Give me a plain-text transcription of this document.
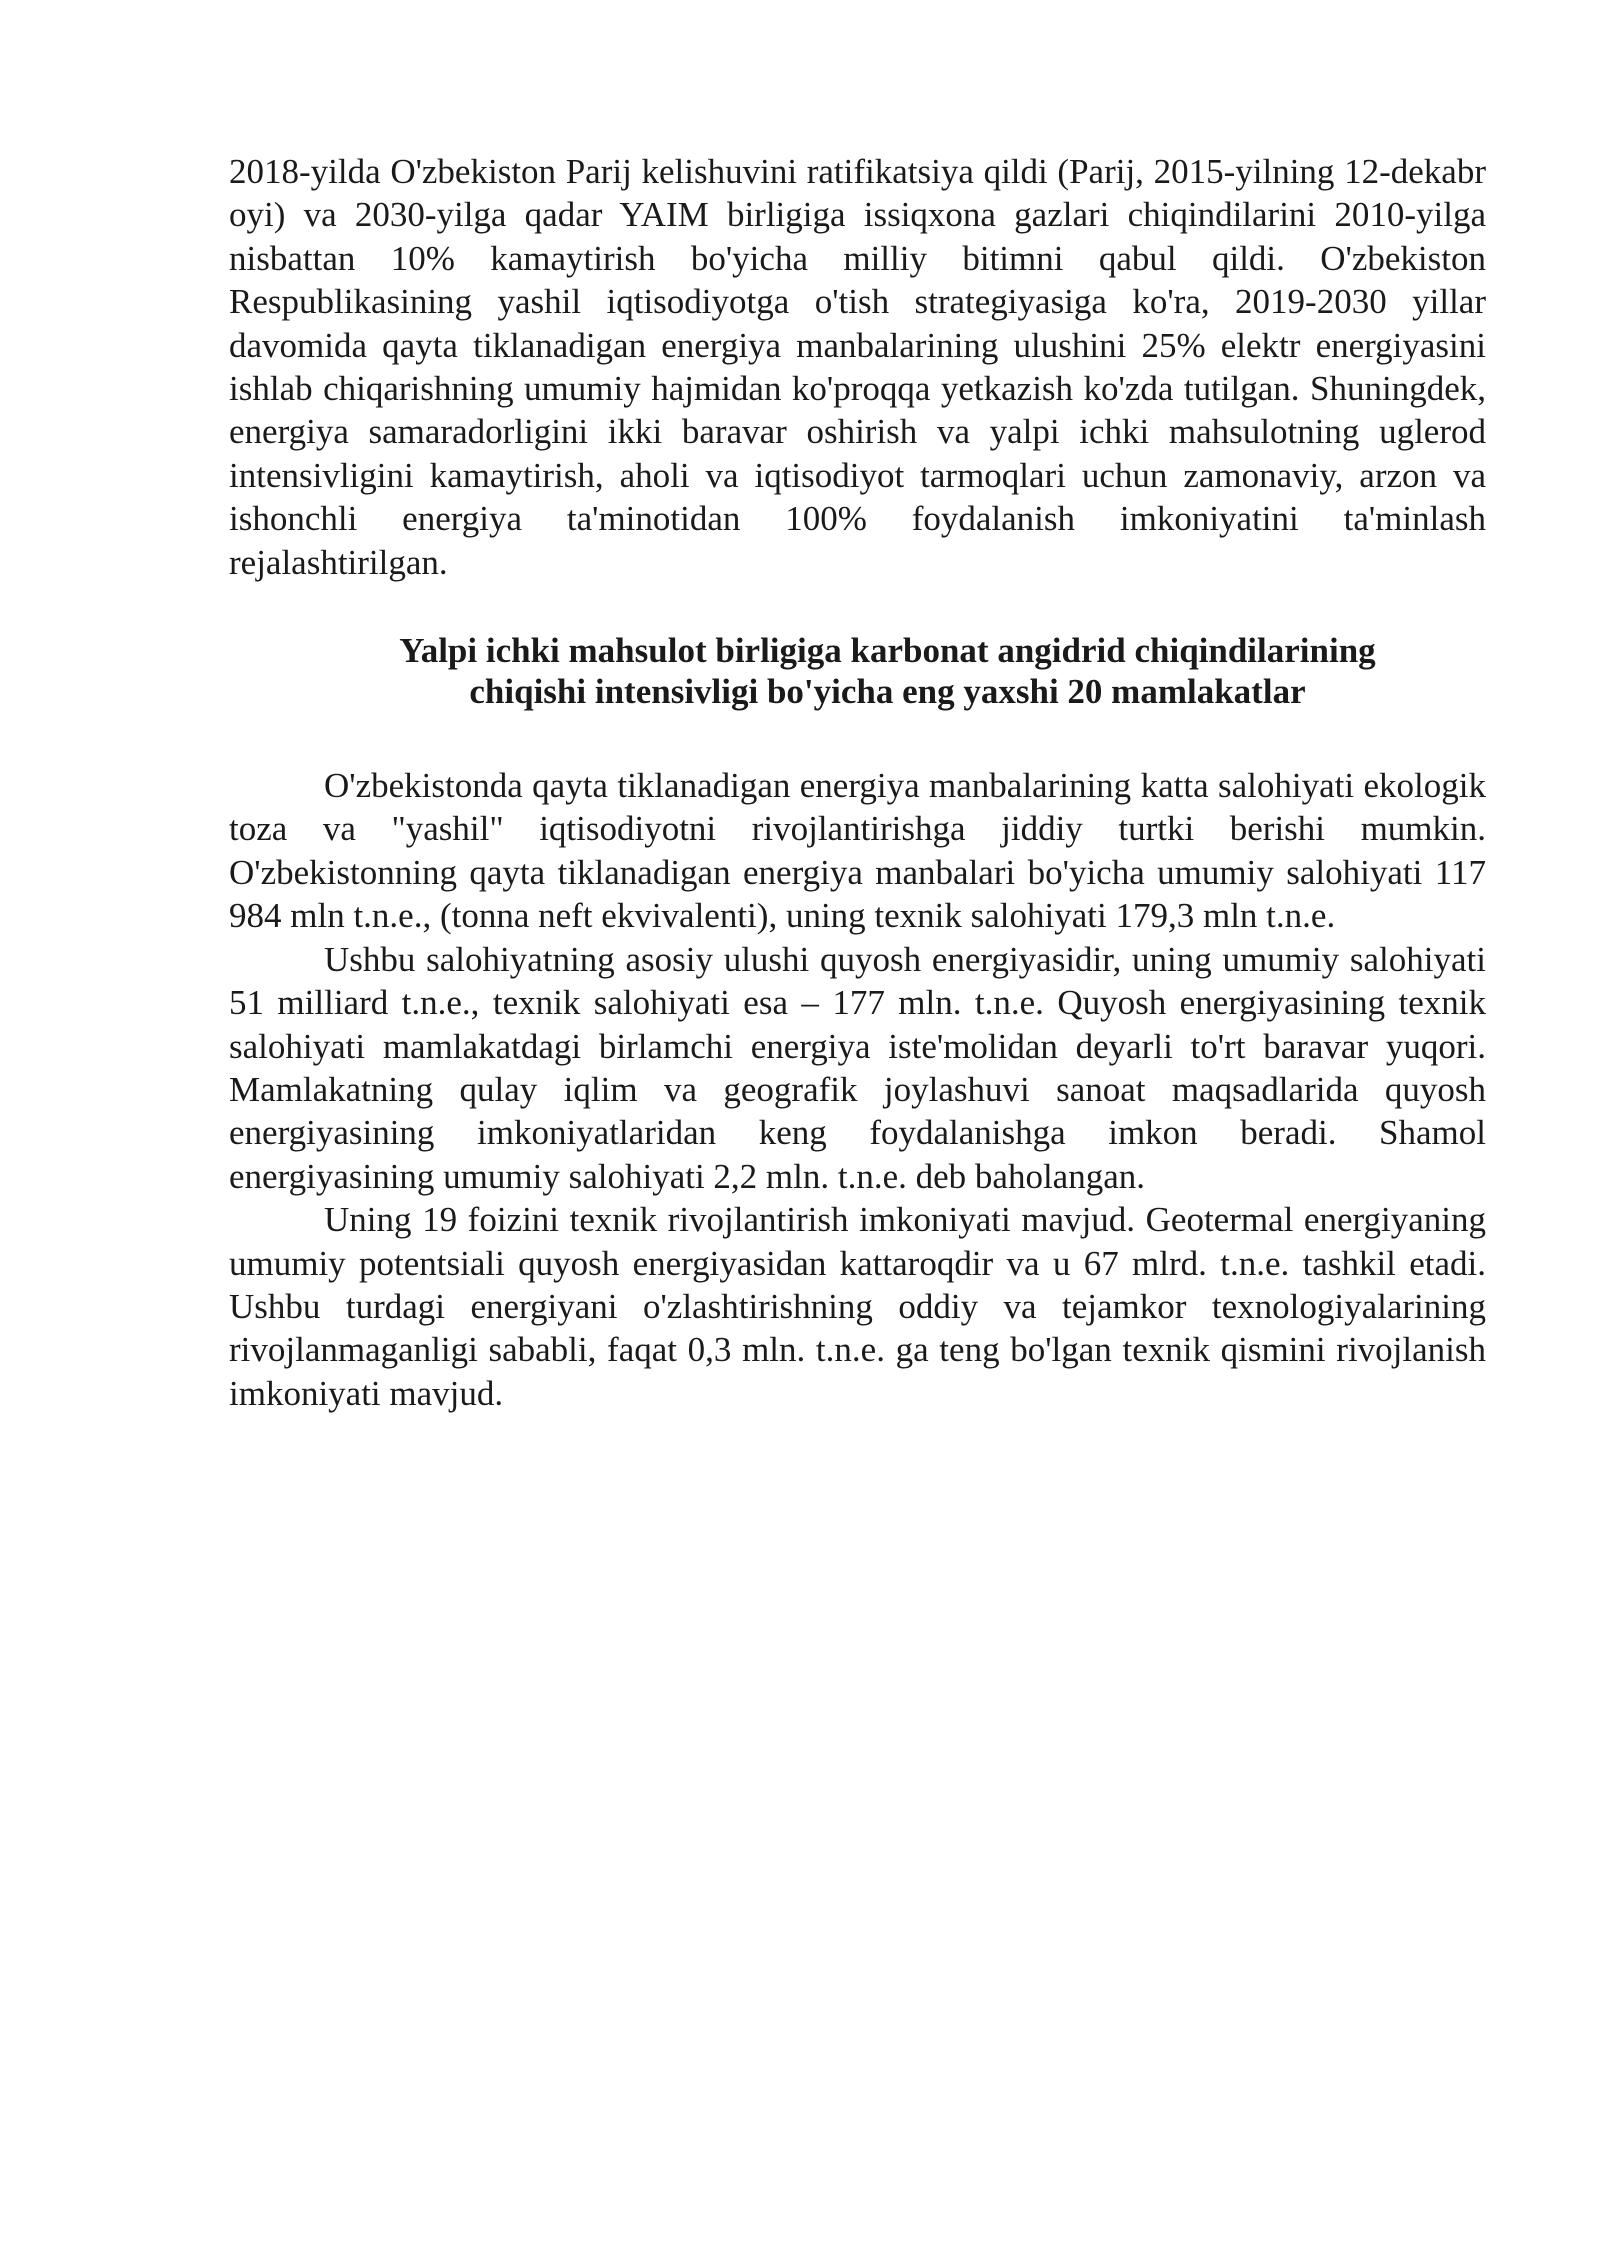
2018-yilda O'zbekiston Parij kelishuvini ratifikatsiya qildi (Parij, 2015-yilning 12-dekabr oyi) va 2030-yilga qadar YAIM birligiga issiqxona gazlari chiqindilarini 2010-yilga nisbattan 10% kamaytirish bo'yicha milliy bitimni qabul qildi. O'zbekiston Respublikasining yashil iqtisodiyotga o'tish strategiyasiga ko'ra, 2019-2030 yillar davomida qayta tiklanadigan energiya manbalarining ulushini 25% elektr energiyasini ishlab chiqarishning umumiy hajmidan ko'proqqa yetkazish ko'zda tutilgan. Shuningdek, energiya samaradorligini ikki baravar oshirish va yalpi ichki mahsulotning uglerod intensivligini kamaytirish, aholi va iqtisodiyot tarmoqlari uchun zamonaviy, arzon va ishonchli energiya ta'minotidan 100% foydalanish imkoniyatini ta'minlash rejalashtirilgan.

Yalpi ichki mahsulot birligiga karbonat angidrid chiqindilarining
chiqishi intensivligi bo'yicha eng yaxshi 20 mamlakatlar

O'zbekistonda qayta tiklanadigan energiya manbalarining katta salohiyati ekologik toza va "yashil" iqtisodiyotni rivojlantirishga jiddiy turtki berishi mumkin. O'zbekistonning qayta tiklanadigan energiya manbalari bo'yicha umumiy salohiyati 117 984 mln t.n.e., (tonna neft ekvivalenti), uning texnik salohiyati 179,3 mln t.n.e.

Ushbu salohiyatning asosiy ulushi quyosh energiyasidir, uning umumiy salohiyati 51 milliard t.n.e., texnik salohiyati esa – 177 mln. t.n.e. Quyosh energiyasining texnik salohiyati mamlakatdagi birlamchi energiya iste'molidan deyarli to'rt baravar yuqori. Mamlakatning qulay iqlim va geografik joylashuvi sanoat maqsadlarida quyosh energiyasining imkoniyatlaridan keng foydalanishga imkon beradi. Shamol energiyasining umumiy salohiyati 2,2 mln. t.n.e. deb baholangan.

Uning 19 foizini texnik rivojlantirish imkoniyati mavjud. Geotermal energiyaning umumiy potentsiali quyosh energiyasidan kattaroqdir va u 67 mlrd. t.n.e. tashkil etadi. Ushbu turdagi energiyani o'zlashtirishning oddiy va tejamkor texnologiyalarining rivojlanmaganligi sababli, faqat 0,3 mln. t.n.e. ga teng bo'lgan texnik qismini rivojlanish imkoniyati mavjud.
